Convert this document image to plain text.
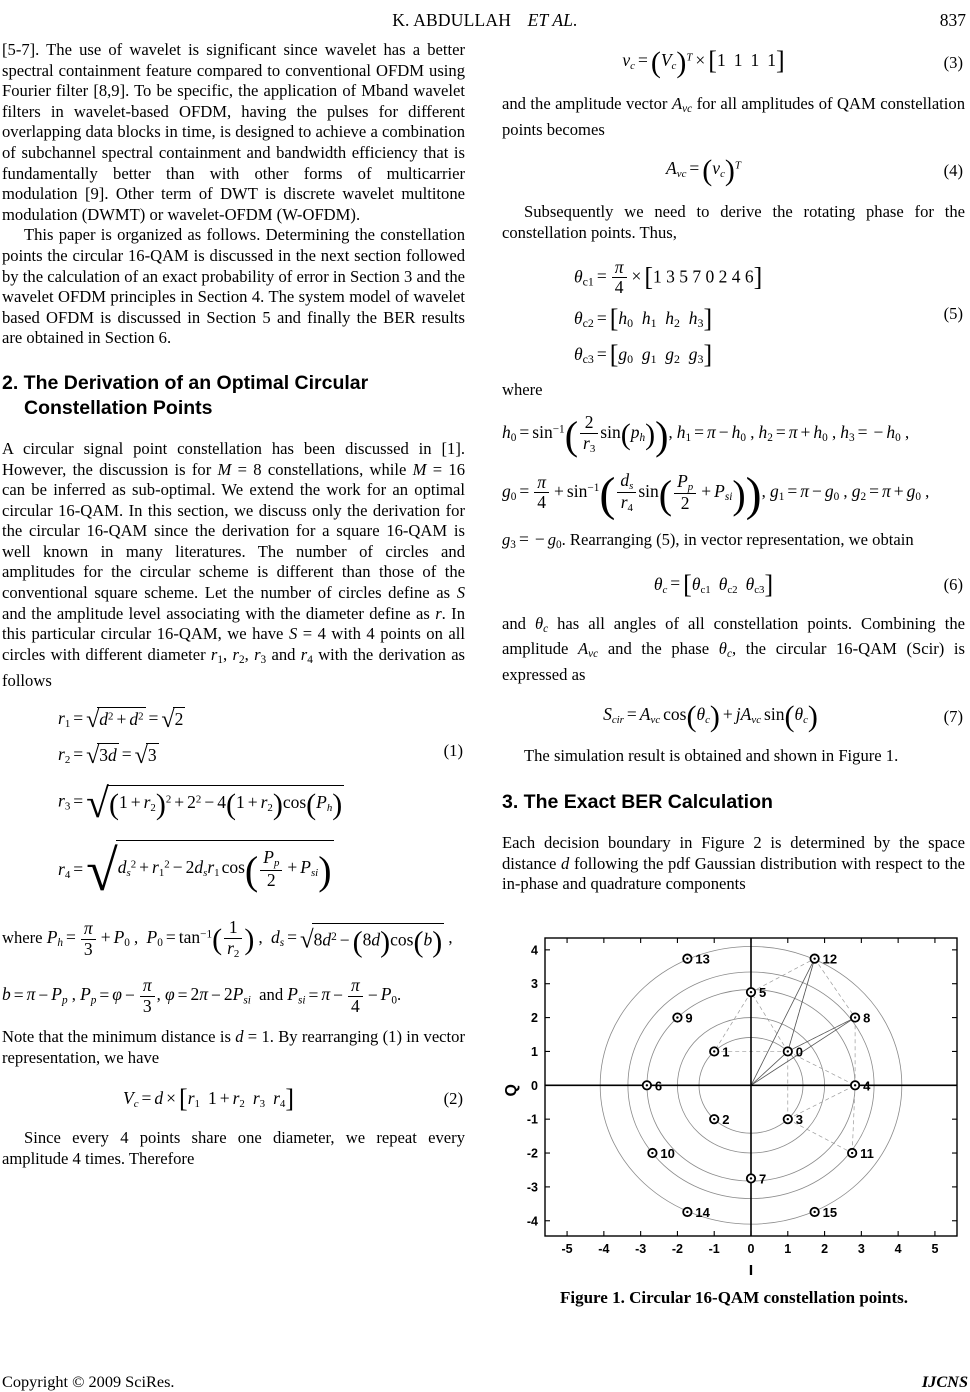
K. ABDULLAH ET AL.	837

[5-7]. The use of wavelet is significant since wavelet has a better spectral containment feature compared to conventional OFDM using Fourier filter [8,9]. To be specific, the application of Mband wavelet filters in wavelet-based OFDM, having the pulses for different overlapping data blocks in time, is designed to achieve a combination of subchannel spectral containment and bandwidth efficiency that is fundamentally better than with other forms of multicarrier modulation [9]. Other term of DWT is discrete wavelet multitone modulation (DWMT) or wavelet-OFDM (W-OFDM).

This paper is organized as follows. Determining the constellation points the circular 16-QAM is discussed in the next section followed by the calculation of an exact probability of error in Section 3 and the wavelet OFDM principles in Section 4. The system model of wavelet based OFDM is discussed in Section 5 and finally the BER results are obtained in Section 6.

2. The Derivation of an Optimal Circular
Constellation Points

A circular signal point constellation has been discussed in [1]. However, the discussion is for M = 8 constellations, while M = 16 can be inferred as sub-optimal. We extend the work for an optimal circular 16-QAM. In this section, we discuss only the derivation for the circular 16-QAM since the derivation for a square 16-QAM is well known in many literatures. The number of circles and amplitudes for the circular scheme is different than those of the conventional square scheme. Let the number of circles define as S and the amplitude level associating with the diameter define as r. In this particular circular 16-QAM, we have S = 4 with 4 points on all circles with different diameter $r_1$, $r_2$, $r_3$ and $r_4$ with the derivation as follows

$r_1 = √d^2 + d^2 = √2$
$r_2 = √3d = √3$
$r_3 =√(1 + r_2)^2 + 2^2 - 4(1 + r_2)\cos(P_h)$
$r_4 =√d_s^2 + r_1^2 - 2d_sr_1$ $\cos( \frac{P_p}{2} + P_{si})$
(1)
where $P_h = \frac{\pi}{3} + P_0$ ,  $P_0 = \tan^{-1}( \frac{1}{r_2}$ ) ,  $d_s = √8d^2 - (8d)\cos(b)$ ,
$b = \pi - P_p$ , $P_p = \varphi - \frac{\pi}{3}$ , $\varphi = 2\pi - 2P_{si}$  and $P_{si} = \pi - \frac{\pi}{4} - P_0$.

Note that the minimum distance is d = 1. By rearranging (1) in vector representation, we have

$V_c = d \times [r_1$ $1 + r_2$ $r_3$ $r_4$]	(2)

Since every 4 points share one diameter, we repeat every amplitude 4 times. Therefore

$v_c = (V_c)^T \times [1$ 1 1 1]	(3)

and the amplitude vector $A_{vc}$ for all amplitudes of QAM constellation points becomes

$A_{vc} = (v_c)^T$	(4)

Subsequently we need to derive the rotating phase for the constellation points. Thus,

$\theta_{c1} = \frac{\pi}{4} \times [1$ 3 5 7 0 2 4 6]
$\theta_{c2} = [h_0$ $h_1$ $h_2$ $h_3$]
$\theta_{c3} = [g_0$ $g_1$ $g_2$ $g_3$]
(5)

where

$h_0 = \sin^{-1}( \frac{2}{r_3} \sin(p_h))$, $h_1 = \pi - h_0$ , $h_2 = \pi + h_0$ , $h_3$ = − $h_0$ ,
$g_0 = \frac{\pi}{4} + \sin^{-1}( \frac{d_s}{r_4} \sin( \frac{P_p}{2} + P_{si}))$, $g_1 = \pi - g_0$ , $g_2 = \pi + g_0$ ,

$g_3$ = − $g_0$. Rearranging (5), in vector representation, we obtain

$\theta_c = [\theta_{c1}$ $\theta_{c2}$ $\theta_{c3}$]	(6)

and $\theta_c$ has all angles of all constellation points. Combining the amplitude $A_{vc}$ and the phase $\theta_c$, the circular 16-QAM (Scir) is expressed as

$S_{cir} = A_{vc}$ $\cos(\theta_c) + jA_{vc}$ $\sin(\theta_c)$	(7)

The simulation result is obtained and shown in Figure 1.

3. The Exact BER Calculation

Each decision boundary in Figure 2 is determined by the space distance d following the pdf Gaussian distribution with respect to the in-phase and quadrature components

-5 -4 -3 -2 -1 0 1 2 3 4 5
-4
-3
-2
-1
0
1
2
3
4
Q
I
0
1
2	3
4
5
6
7
8
9
10	11
12
13
14	15
Figure 1. Circular 16-QAM constellation points.
Copyright © 2009 SciRes.	IJCNS
